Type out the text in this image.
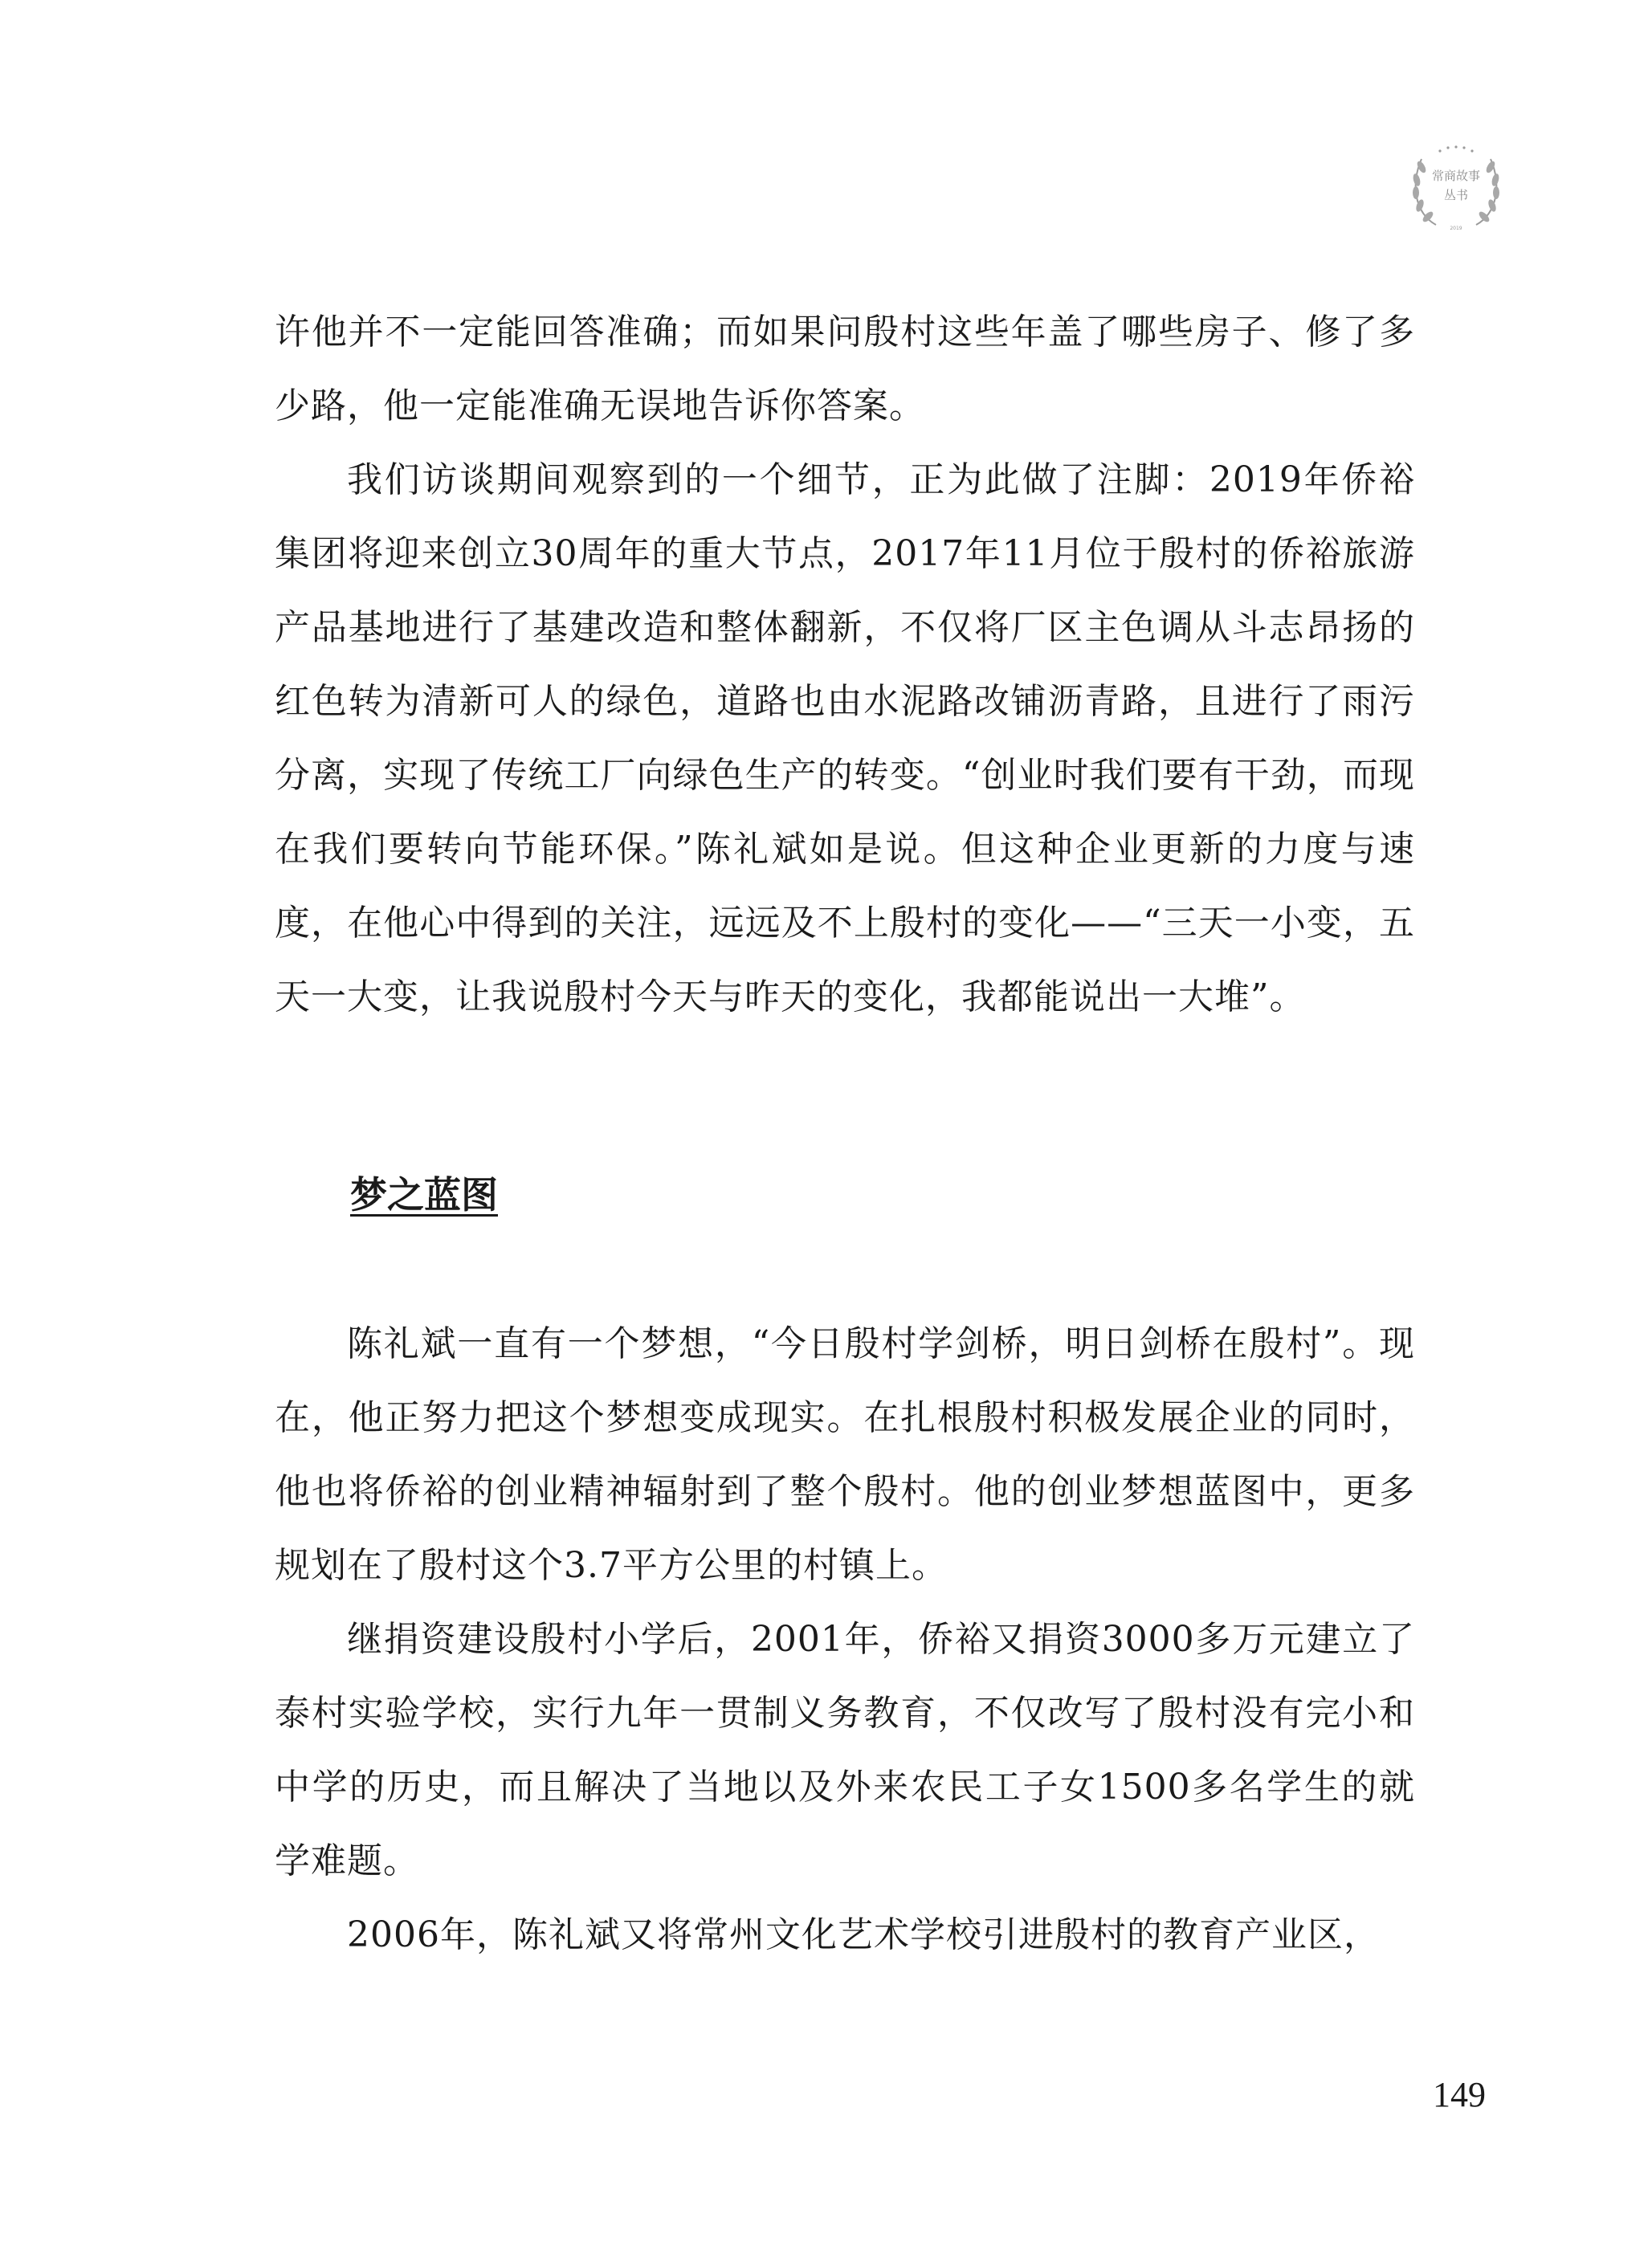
常商故事
丛书
2019

许他并不一定能回答准确；而如果问殷村这些年盖了哪些房子、修了多少路，他一定能准确无误地告诉你答案。

我们访谈期间观察到的一个细节，正为此做了注脚：2019年侨裕集团将迎来创立30周年的重大节点，2017年11月位于殷村的侨裕旅游产品基地进行了基建改造和整体翻新，不仅将厂区主色调从斗志昂扬的红色转为清新可人的绿色，道路也由水泥路改铺沥青路，且进行了雨污分离，实现了传统工厂向绿色生产的转变。“创业时我们要有干劲，而现在我们要转向节能环保。”陈礼斌如是说。但这种企业更新的力度与速度，在他心中得到的关注，远远及不上殷村的变化——“三天一小变，五天一大变，让我说殷村今天与昨天的变化，我都能说出一大堆”。

梦之蓝图

陈礼斌一直有一个梦想，“今日殷村学剑桥，明日剑桥在殷村”。现在，他正努力把这个梦想变成现实。在扎根殷村积极发展企业的同时，他也将侨裕的创业精神辐射到了整个殷村。他的创业梦想蓝图中，更多规划在了殷村这个3.7平方公里的村镇上。

继捐资建设殷村小学后，2001年，侨裕又捐资3000多万元建立了泰村实验学校，实行九年一贯制义务教育，不仅改写了殷村没有完小和中学的历史，而且解决了当地以及外来农民工子女1500多名学生的就学难题。

2006年，陈礼斌又将常州文化艺术学校引进殷村的教育产业区，

149
